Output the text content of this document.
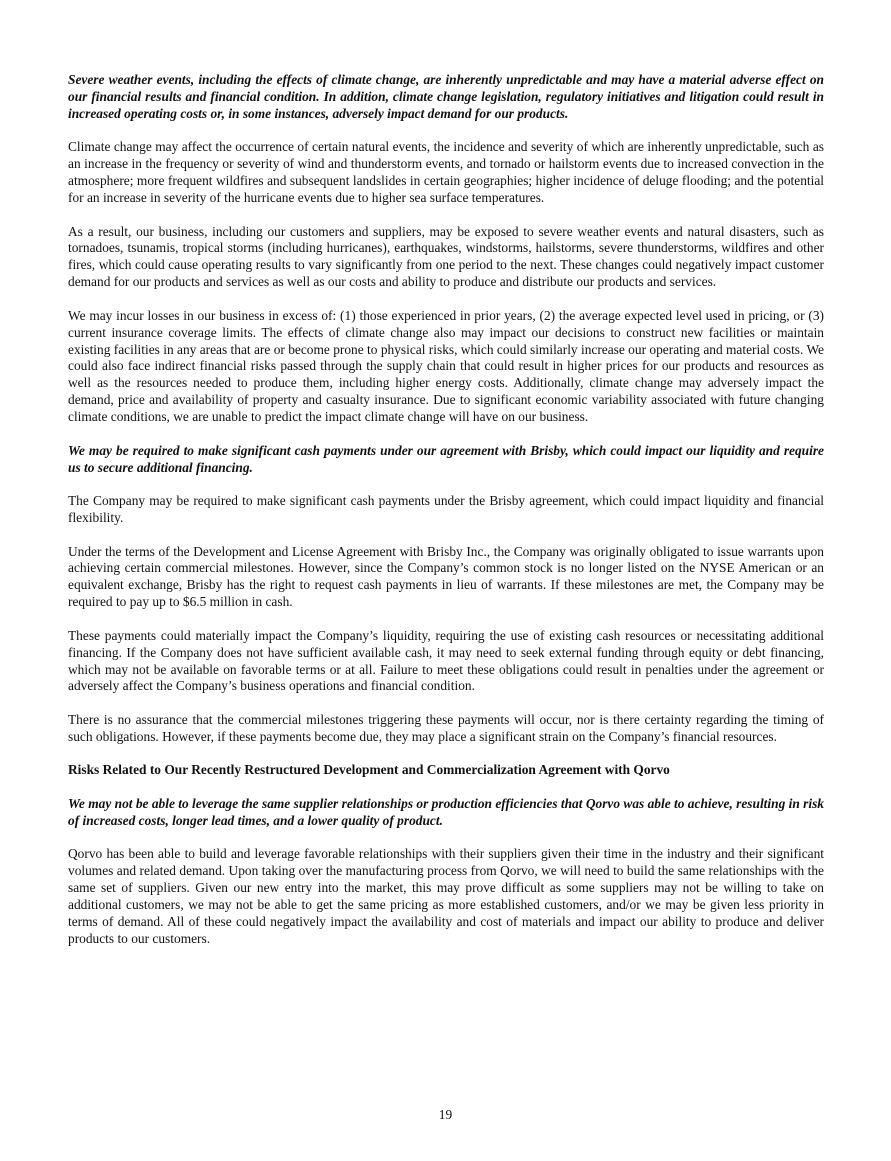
Severe weather events, including the effects of climate change, are inherently unpredictable and may have a material adverse effect on our financial results and financial condition. In addition, climate change legislation, regulatory initiatives and litigation could result in increased operating costs or, in some instances, adversely impact demand for our products.

Climate change may affect the occurrence of certain natural events, the incidence and severity of which are inherently unpredictable, such as an increase in the frequency or severity of wind and thunderstorm events, and tornado or hailstorm events due to increased convection in the atmosphere; more frequent wildfires and subsequent landslides in certain geographies; higher incidence of deluge flooding; and the potential for an increase in severity of the hurricane events due to higher sea surface temperatures.

As a result, our business, including our customers and suppliers, may be exposed to severe weather events and natural disasters, such as tornadoes, tsunamis, tropical storms (including hurricanes), earthquakes, windstorms, hailstorms, severe thunderstorms, wildfires and other fires, which could cause operating results to vary significantly from one period to the next. These changes could negatively impact customer demand for our products and services as well as our costs and ability to produce and distribute our products and services.

We may incur losses in our business in excess of: (1) those experienced in prior years, (2) the average expected level used in pricing, or (3) current insurance coverage limits. The effects of climate change also may impact our decisions to construct new facilities or maintain existing facilities in any areas that are or become prone to physical risks, which could similarly increase our operating and material costs. We could also face indirect financial risks passed through the supply chain that could result in higher prices for our products and resources as well as the resources needed to produce them, including higher energy costs. Additionally, climate change may adversely impact the demand, price and availability of property and casualty insurance. Due to significant economic variability associated with future changing climate conditions, we are unable to predict the impact climate change will have on our business.

We may be required to make significant cash payments under our agreement with Brisby, which could impact our liquidity and require us to secure additional financing.

The Company may be required to make significant cash payments under the Brisby agreement, which could impact liquidity and financial flexibility.

Under the terms of the Development and License Agreement with Brisby Inc., the Company was originally obligated to issue warrants upon achieving certain commercial milestones. However, since the Company’s common stock is no longer listed on the NYSE American or an equivalent exchange, Brisby has the right to request cash payments in lieu of warrants. If these milestones are met, the Company may be required to pay up to $6.5 million in cash.

These payments could materially impact the Company’s liquidity, requiring the use of existing cash resources or necessitating additional financing. If the Company does not have sufficient available cash, it may need to seek external funding through equity or debt financing, which may not be available on favorable terms or at all. Failure to meet these obligations could result in penalties under the agreement or adversely affect the Company’s business operations and financial condition.

There is no assurance that the commercial milestones triggering these payments will occur, nor is there certainty regarding the timing of such obligations. However, if these payments become due, they may place a significant strain on the Company’s financial resources.

Risks Related to Our Recently Restructured Development and Commercialization Agreement with Qorvo

We may not be able to leverage the same supplier relationships or production efficiencies that Qorvo was able to achieve, resulting in risk of increased costs, longer lead times, and a lower quality of product.

Qorvo has been able to build and leverage favorable relationships with their suppliers given their time in the industry and their significant volumes and related demand. Upon taking over the manufacturing process from Qorvo, we will need to build the same relationships with the same set of suppliers. Given our new entry into the market, this may prove difficult as some suppliers may not be willing to take on additional customers, we may not be able to get the same pricing as more established customers, and/or we may be given less priority in terms of demand. All of these could negatively impact the availability and cost of materials and impact our ability to produce and deliver products to our customers.

19
